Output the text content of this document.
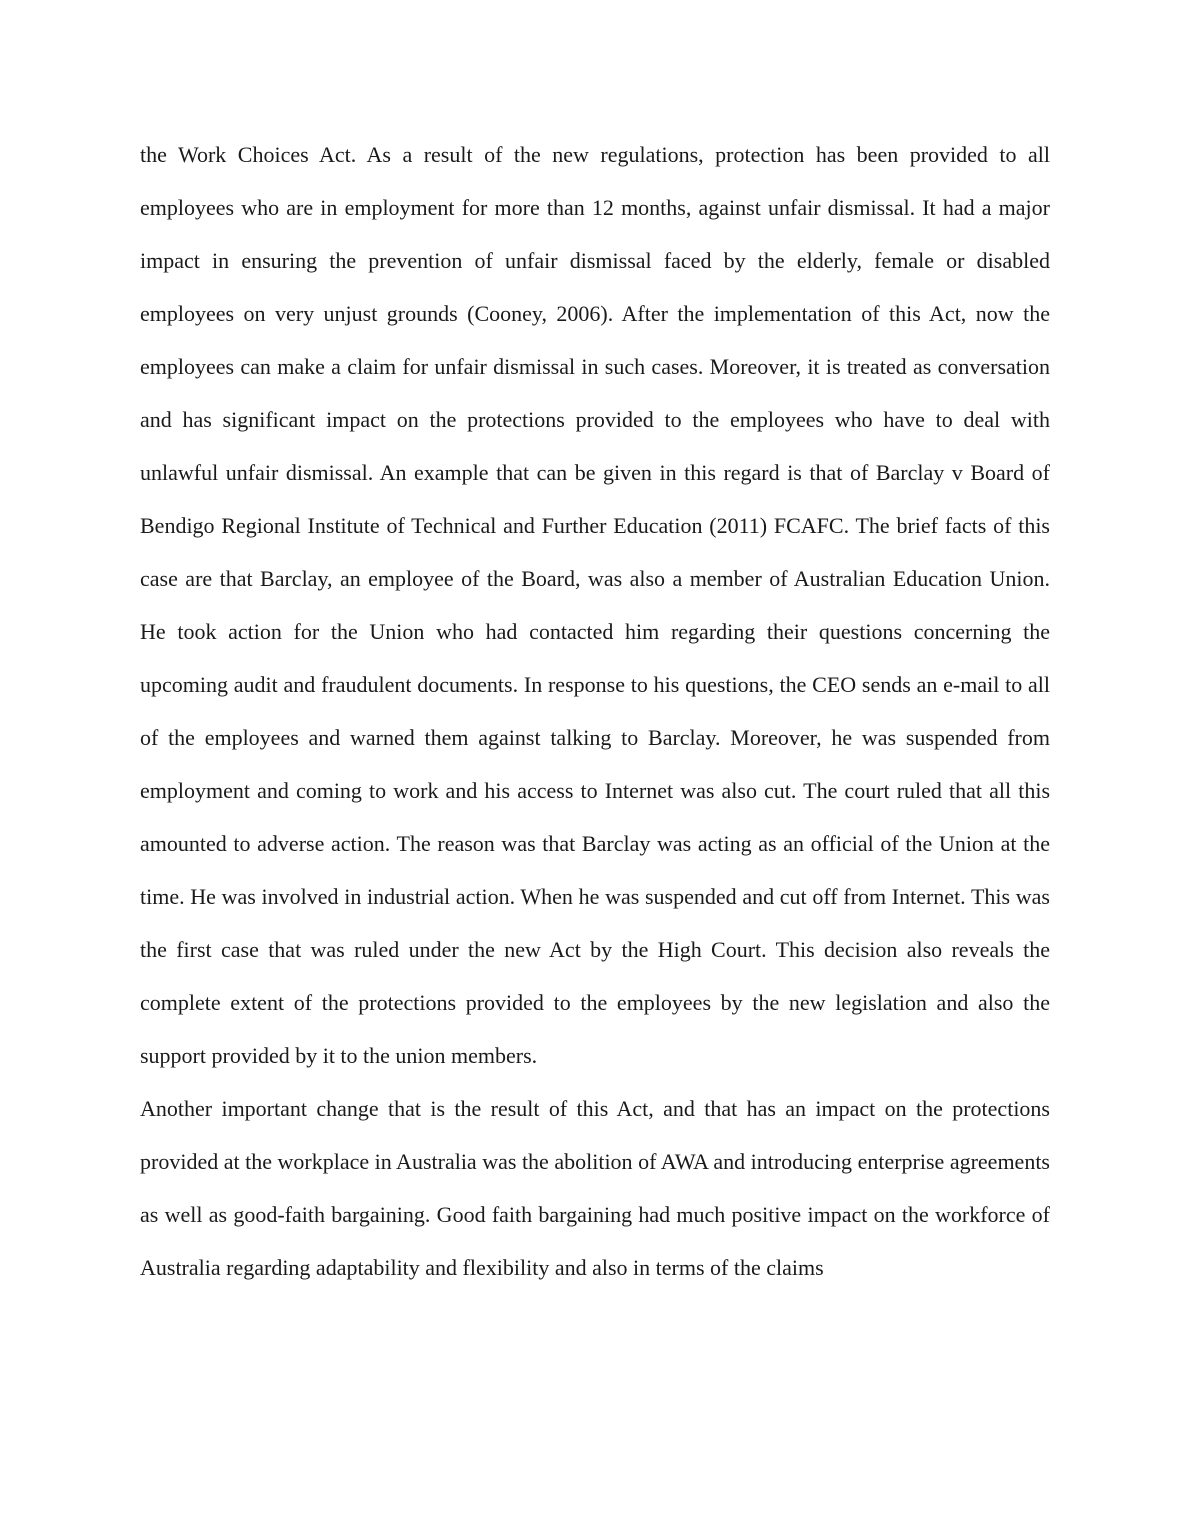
the Work Choices Act. As a result of the new regulations, protection has been provided to all employees who are in employment for more than 12 months, against unfair dismissal. It had a major impact in ensuring the prevention of unfair dismissal faced by the elderly, female or disabled employees on very unjust grounds (Cooney, 2006). After the implementation of this Act, now the employees can make a claim for unfair dismissal in such cases. Moreover, it is treated as conversation and has significant impact on the protections provided to the employees who have to deal with unlawful unfair dismissal. An example that can be given in this regard is that of Barclay v Board of Bendigo Regional Institute of Technical and Further Education (2011) FCAFC. The brief facts of this case are that Barclay, an employee of the Board, was also a member of Australian Education Union. He took action for the Union who had contacted him regarding their questions concerning the upcoming audit and fraudulent documents. In response to his questions, the CEO sends an e-mail to all of the employees and warned them against talking to Barclay. Moreover, he was suspended from employment and coming to work and his access to Internet was also cut. The court ruled that all this amounted to adverse action. The reason was that Barclay was acting as an official of the Union at the time. He was involved in industrial action. When he was suspended and cut off from Internet. This was the first case that was ruled under the new Act by the High Court. This decision also reveals the complete extent of the protections provided to the employees by the new legislation and also the support provided by it to the union members.

Another important change that is the result of this Act, and that has an impact on the protections provided at the workplace in Australia was the abolition of AWA and introducing enterprise agreements as well as good-faith bargaining. Good faith bargaining had much positive impact on the workforce of Australia regarding adaptability and flexibility and also in terms of the claims
